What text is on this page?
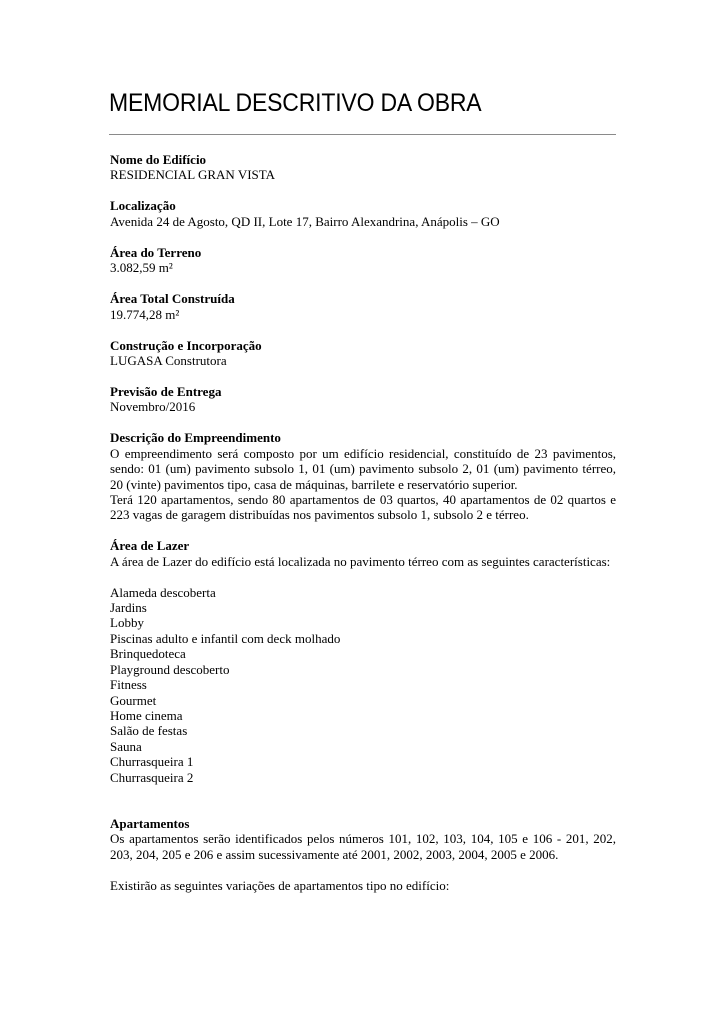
MEMORIAL DESCRITIVO DA OBRA
Nome do Edifício
RESIDENCIAL GRAN VISTA
Localização
Avenida 24 de Agosto, QD II, Lote 17, Bairro Alexandrina, Anápolis – GO
Área do Terreno
3.082,59 m²
Área Total Construída
19.774,28 m²
Construção e Incorporação
LUGASA Construtora
Previsão de Entrega
Novembro/2016
Descrição do Empreendimento

O empreendimento será composto por um edifício residencial, constituído de 23 pavimentos, sendo: 01 (um) pavimento subsolo 1, 01 (um) pavimento subsolo 2, 01 (um) pavimento térreo, 20 (vinte) pavimentos tipo, casa de máquinas, barrilete e reservatório superior.

Terá 120 apartamentos, sendo 80 apartamentos de 03 quartos, 40 apartamentos de 02 quartos e 223 vagas de garagem distribuídas nos pavimentos subsolo 1, subsolo 2 e térreo.

Área de Lazer

A área de Lazer do edifício está localizada no pavimento térreo com as seguintes características:

Alameda descoberta
Jardins
Lobby
Piscinas adulto e infantil com deck molhado
Brinquedoteca
Playground descoberto
Fitness
Gourmet
Home cinema
Salão de festas
Sauna
Churrasqueira 1
Churrasqueira 2
Apartamentos

Os apartamentos serão identificados pelos números 101, 102, 103, 104, 105 e 106 - 201, 202, 203, 204, 205 e 206 e assim sucessivamente até 2001, 2002, 2003, 2004, 2005 e 2006.

Existirão as seguintes variações de apartamentos tipo no edifício:
